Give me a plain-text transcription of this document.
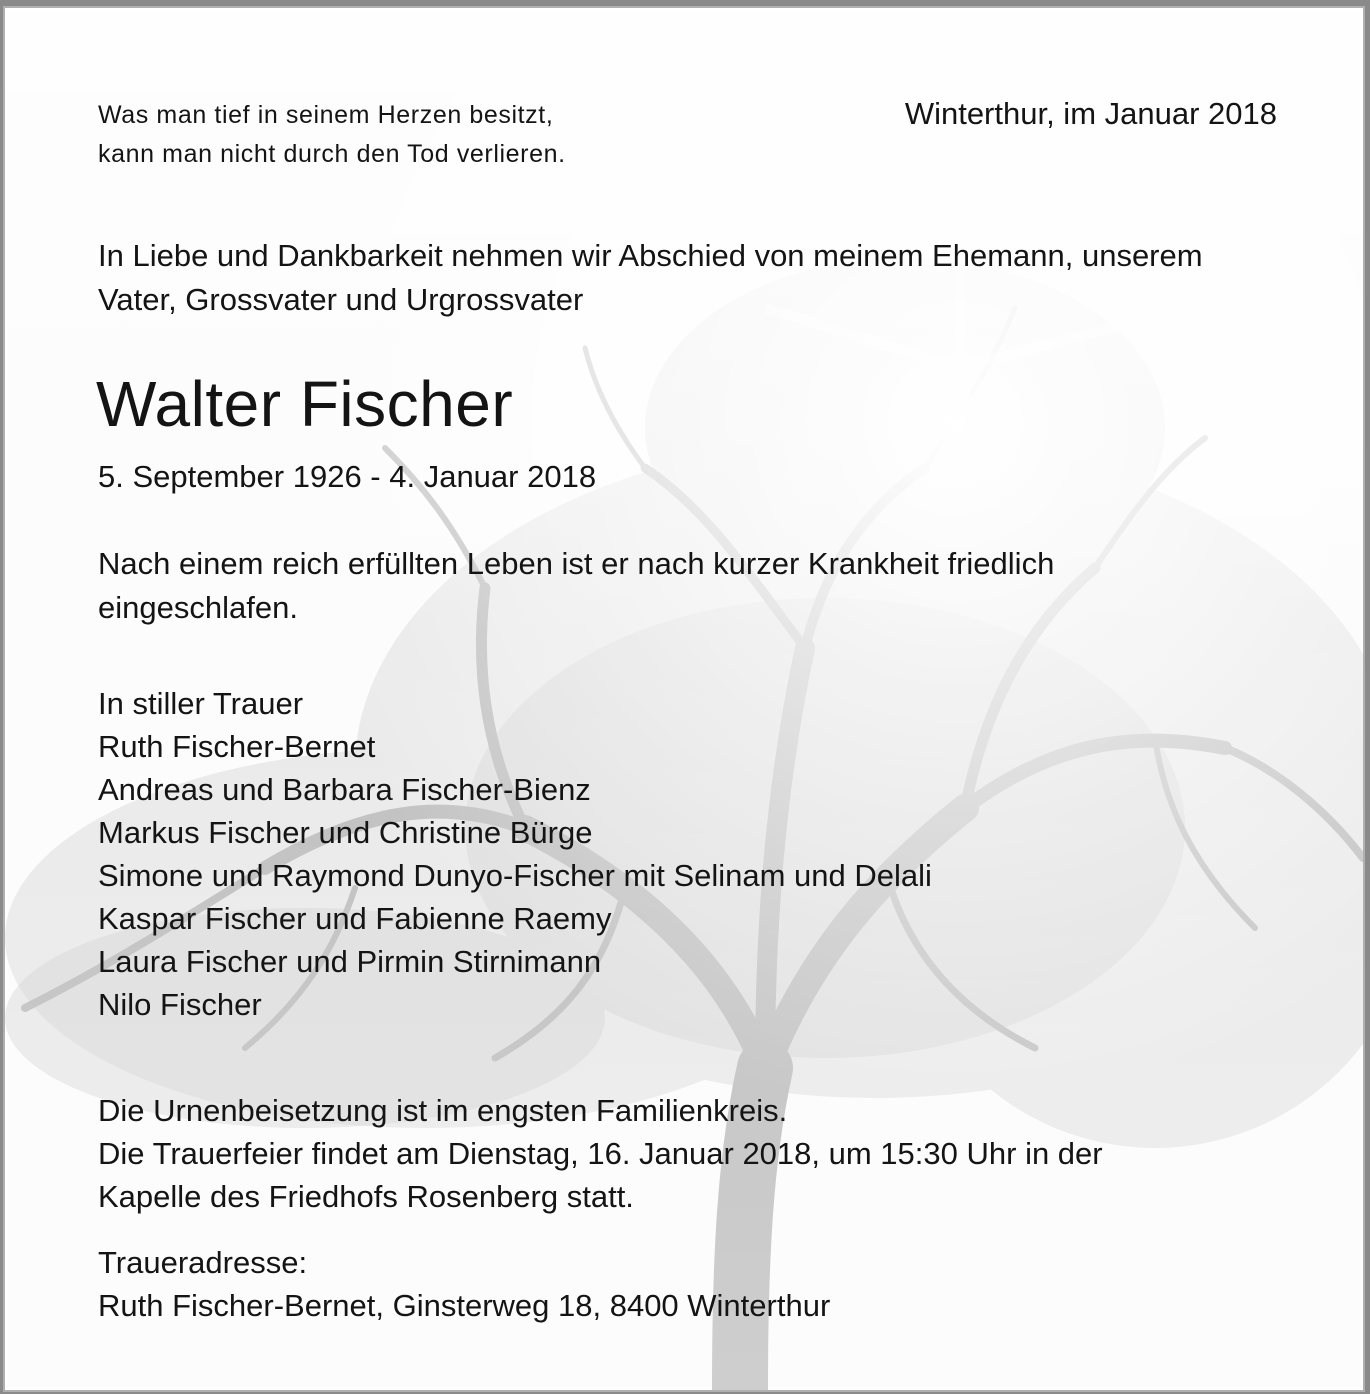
Was man tief in seinem Herzen besitzt,
kann man nicht durch den Tod verlieren.
Winterthur, im Januar 2018
In Liebe und Dankbarkeit nehmen wir Abschied von meinem Ehemann, unserem
Vater, Grossvater und Urgrossvater
Walter Fischer
5. September 1926 - 4. Januar 2018
Nach einem reich erfüllten Leben ist er nach kurzer Krankheit friedlich
eingeschlafen.
In stiller Trauer
Ruth Fischer-Bernet
Andreas und Barbara Fischer-Bienz
Markus Fischer und Christine Bürge
Simone und Raymond Dunyo-Fischer mit Selinam und Delali
Kaspar Fischer und Fabienne Raemy
Laura Fischer und Pirmin Stirnimann
Nilo Fischer
Die Urnenbeisetzung ist im engsten Familienkreis.
Die Trauerfeier findet am Dienstag, 16. Januar 2018, um 15:30 Uhr in der
Kapelle des Friedhofs Rosenberg statt.
Traueradresse:
Ruth Fischer-Bernet, Ginsterweg 18, 8400 Winterthur
